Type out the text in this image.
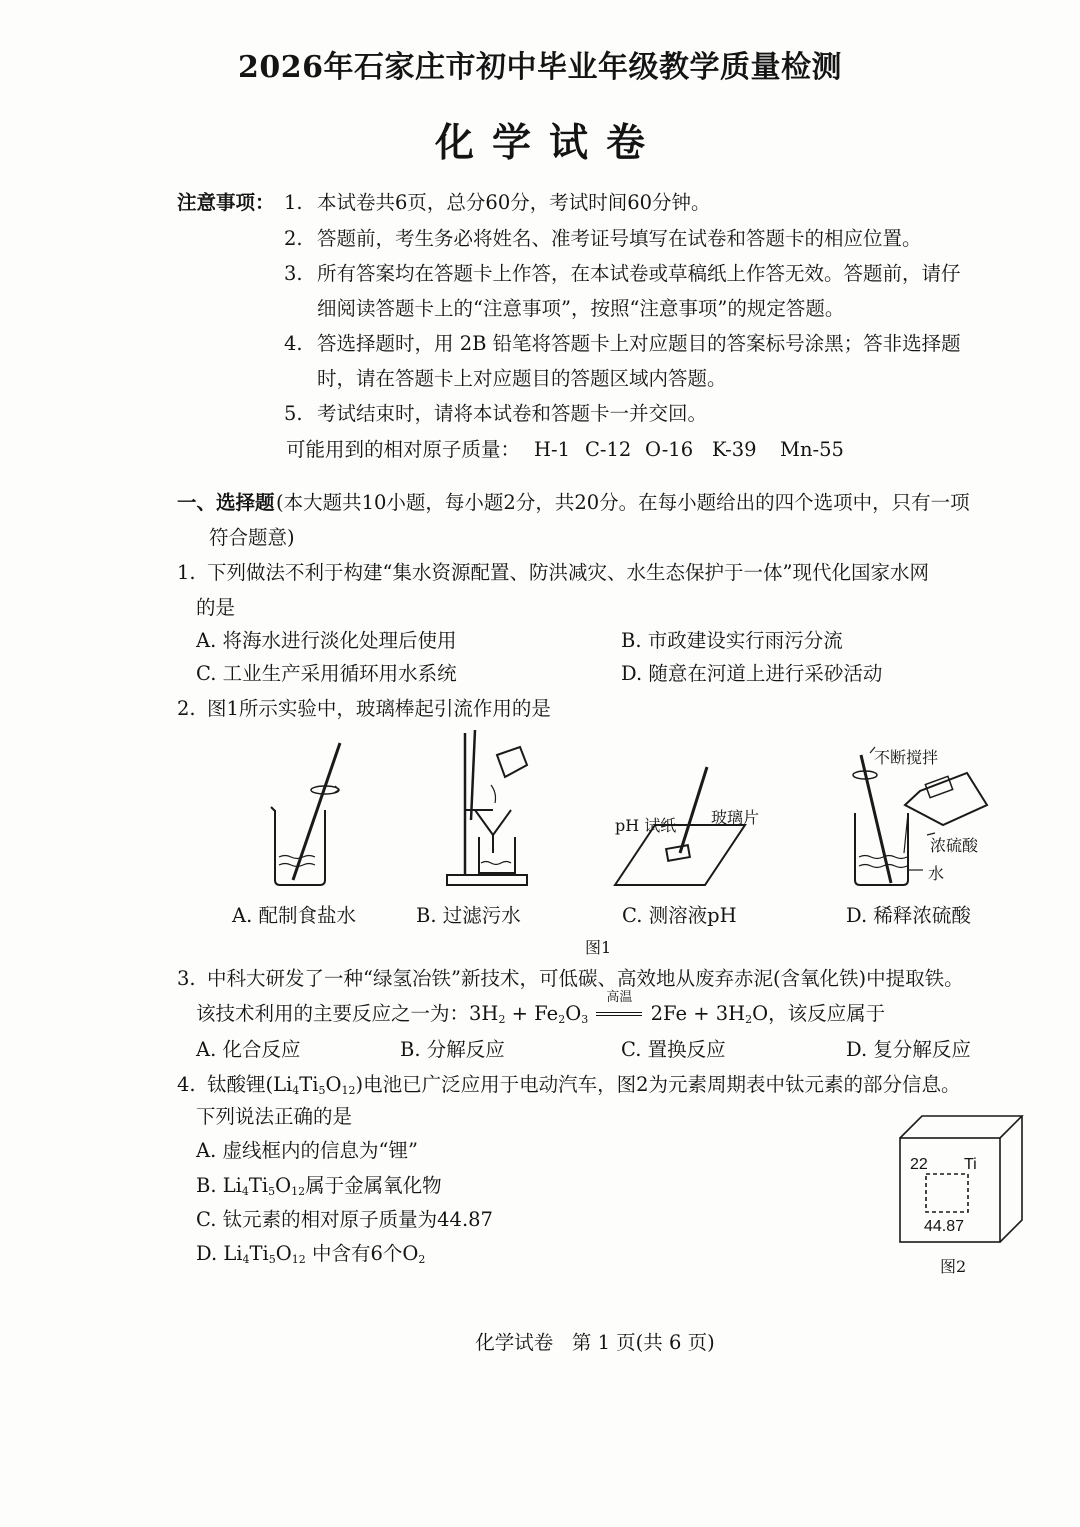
2026年石家庄市初中毕业年级教学质量检测
化学试卷
注意事项： 1. 本试卷共6页，总分60分，考试时间60分钟。
2. 答题前，考生务必将姓名、准考证号填写在试卷和答题卡的相应位置。
3. 所有答案均在答题卡上作答，在本试卷或草稿纸上作答无效。答题前，请仔
细阅读答题卡上的“注意事项”，按照“注意事项”的规定答题。
4. 答选择题时，用 2B 铅笔将答题卡上对应题目的答案标号涂黑；答非选择题
时，请在答题卡上对应题目的答题区域内答题。
5. 考试结束时，请将本试卷和答题卡一并交回。
可能用到的相对原子质量： H-1 C-12 O-16 K-39 Mn-55
一、选择题 (本大题共10小题，每小题2分，共20分。在每小题给出的四个选项中，只有一项
符合题意)
1. 下列做法不利于构建“集水资源配置、防洪减灾、水生态保护于一体”现代化国家水网
的是
A. 将海水进行淡化处理后使用	B. 市政建设实行雨污分流
C. 工业生产采用循环用水系统	D. 随意在河道上进行采砂活动
2. 图1所示实验中，玻璃棒起引流作用的是
pH 试纸 玻璃片
不断搅拌
浓硫酸
水
A. 配制食盐水	B. 过滤污水	C. 测溶液pH	D. 稀释浓硫酸
图1
3. 中科大研发了一种“绿氢冶铁”新技术，可低碳、高效地从废弃赤泥(含氧化铁)中提取铁。
该技术利用的主要反应之一为：$3H_2 + Fe_2O_3$
高温
$2Fe + 3H_2O$，该反应属于
A. 化合反应	B. 分解反应	C. 置换反应	D. 复分解反应
4. 钛酸锂$(Li_4Ti_5O_{12})$电池已广泛应用于电动汽车，图2为元素周期表中钛元素的部分信息。
下列说法正确的是
A. 虚线框内的信息为“锂”
B. $Li_4Ti_5O_{12}$属于金属氧化物
C. 钛元素的相对原子质量为44.87
D. $Li_4Ti_5O_{12}$ 中含有6个$O_2$
22 Ti
44.87
图2
化学试卷   第 1 页(共 6 页)
